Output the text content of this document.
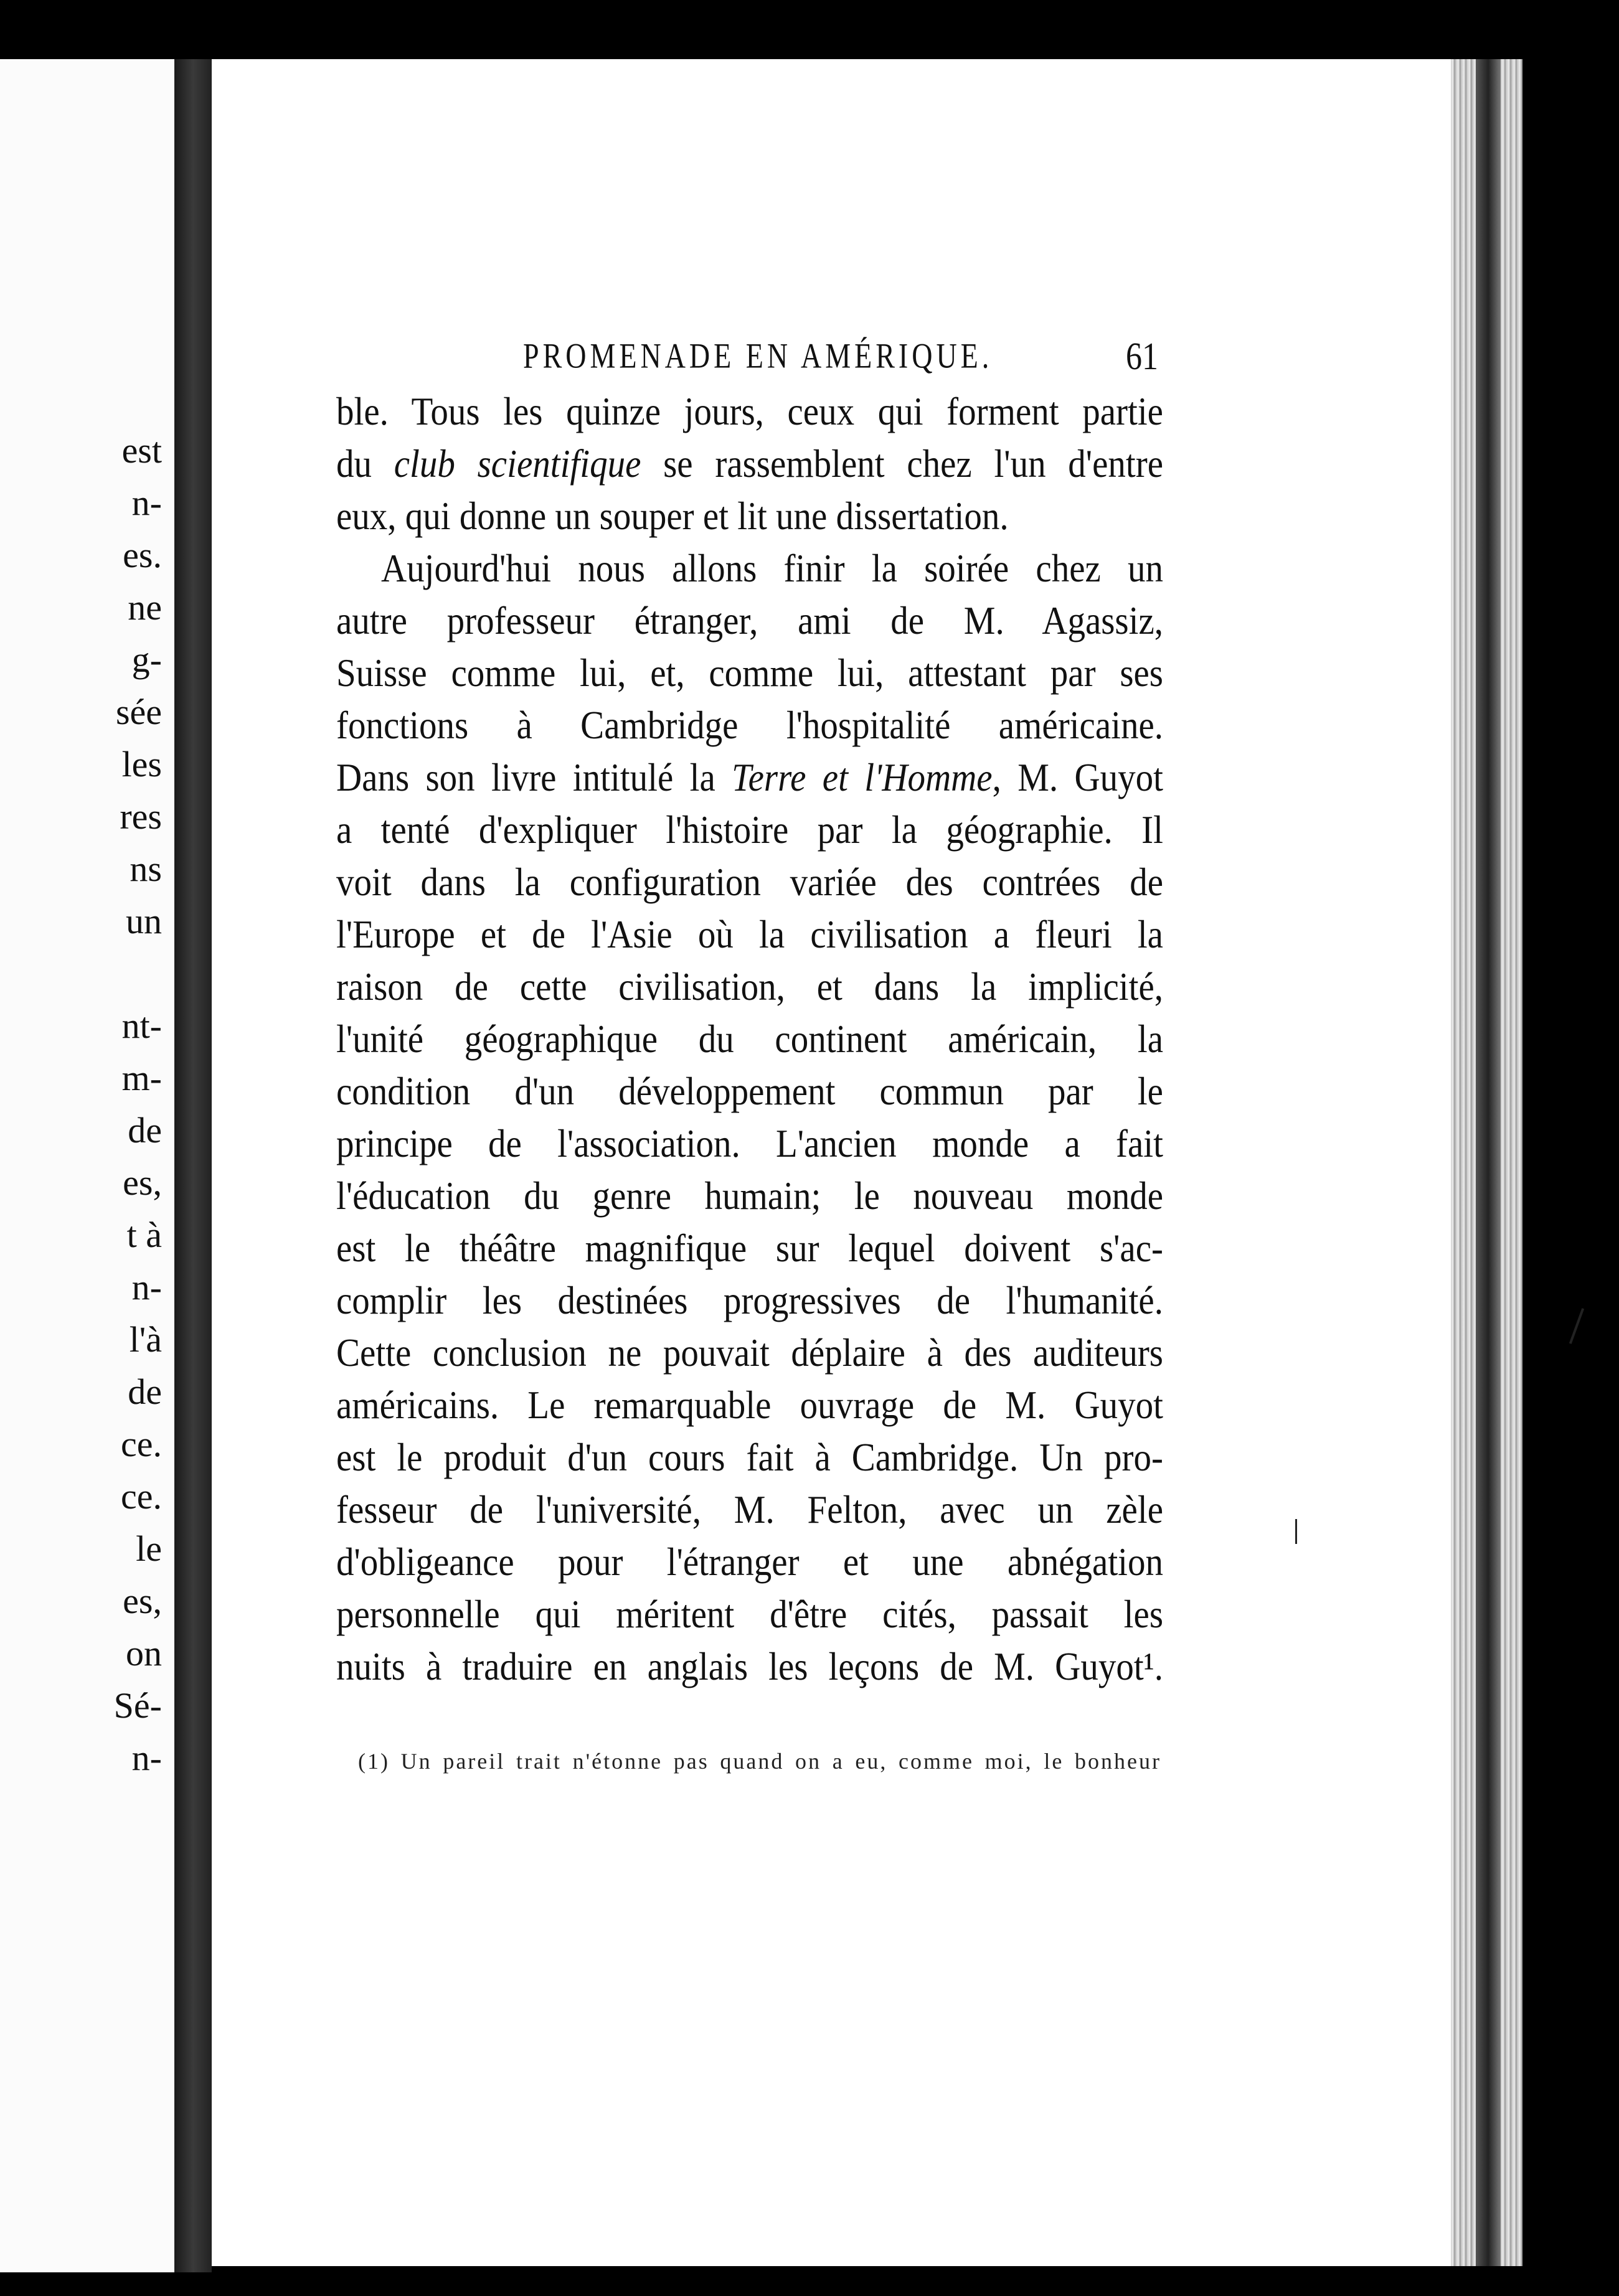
est
n-
es.
ne
g-
sée
les
res
ns
un
nt-
m-
de
es,
t à
n-
l'à
de
ce.
ce.
le
es,
on
Sé-
n-
PROMENADE EN AMÉRIQUE.	61
ble. Tous les quinze jours, ceux qui forment partie
du club scientifique se rassemblent chez l'un d'entre
eux, qui donne un souper et lit une dissertation.
Aujourd'hui nous allons finir la soirée chez un
autre professeur étranger, ami de M. Agassiz,
Suisse comme lui, et, comme lui, attestant par ses
fonctions à Cambridge l'hospitalité américaine.
Dans son livre intitulé la Terre et l'Homme, M. Guyot
a tenté d'expliquer l'histoire par la géographie. Il
voit dans la configuration variée des contrées de
l'Europe et de l'Asie où la civilisation a fleuri la
raison de cette civilisation, et dans la implicité,
l'unité géographique du continent américain, la
condition d'un développement commun par le
principe de l'association. L'ancien monde a fait
l'éducation du genre humain; le nouveau monde
est le théâtre magnifique sur lequel doivent s'ac-
complir les destinées progressives de l'humanité.
Cette conclusion ne pouvait déplaire à des auditeurs
américains. Le remarquable ouvrage de M. Guyot
est le produit d'un cours fait à Cambridge. Un pro-
fesseur de l'université, M. Felton, avec un zèle
d'obligeance pour l'étranger et une abnégation
personnelle qui méritent d'être cités, passait les
nuits à traduire en anglais les leçons de M. Guyot¹.
(1) Un pareil trait n'étonne pas quand on a eu, comme moi, le bonheur
